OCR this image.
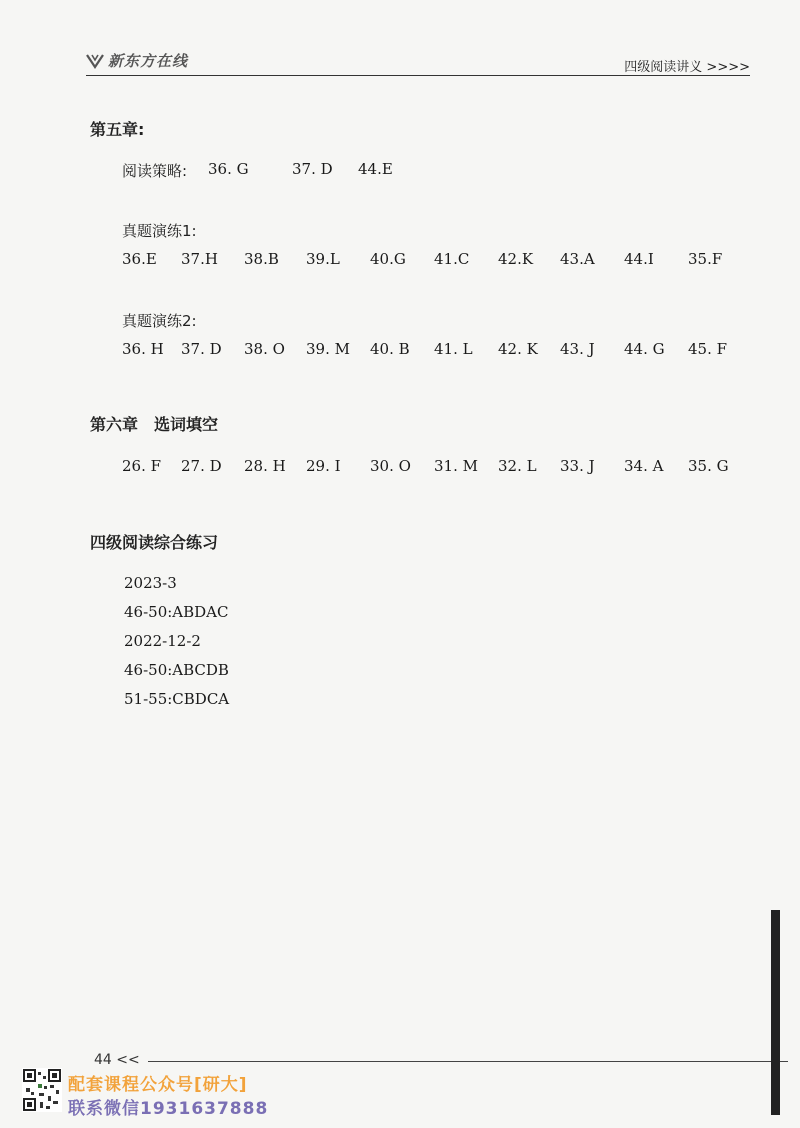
新东方在线	四级阅读讲义 >>>>
第五章:
阅读策略: 36. G	37. D 44.E
真题演练1:
36.E 37.H 38.B 39.L 40.G 41.C 42.K 43.A 44.I 35.F
真题演练2:
36. H 37. D 38. O 39. M 40. B 41. L 42. K 43. J 44. G 45. F
第六章　选词填空
26. F 27. D 28. H 29. I 30. O 31. M 32. L 33. J 34. A 35. G
四级阅读综合练习
2023-3
46-50:ABDAC
2022-12-2
46-50:ABCDB
51-55:CBDCA
44 <<
配套课程公众号[研大]
联系微信1931637888
